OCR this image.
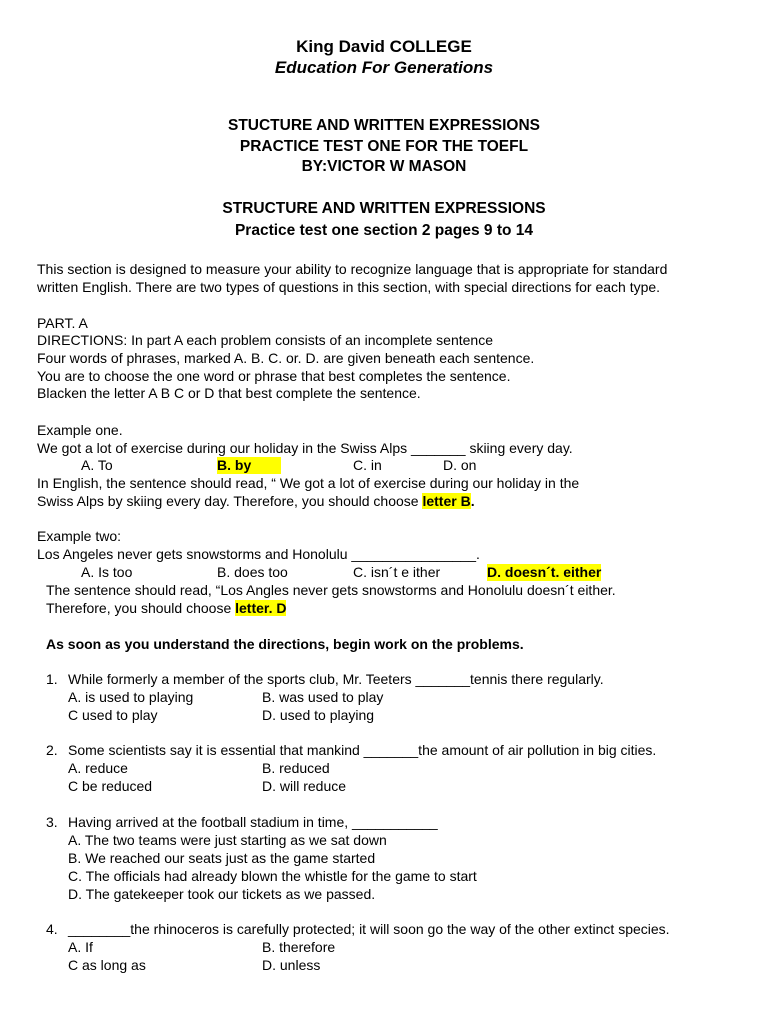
King David COLLEGE
Education For Generations
STUCTURE AND WRITTEN EXPRESSIONS
PRACTICE TEST ONE FOR THE TOEFL
BY:VICTOR W MASON
STRUCTURE AND WRITTEN EXPRESSIONS
Practice test one section 2 pages 9 to 14
This section is designed to measure your ability to recognize language that is appropriate for standard
written English. There are two types of questions in this section, with special directions for each type.
PART. A
DIRECTIONS: In part A each problem consists of an incomplete sentence
Four words of phrases, marked A. B. C. or. D. are given beneath each sentence.
You are to choose the one word or phrase that best completes the sentence.
Blacken the letter A B C or D that best complete the sentence.
Example one.
We got a lot of exercise during our holiday in the Swiss Alps _______ skiing every day.
A. To	B. by	C. in	D. on
In English, the sentence should read, “ We got a lot of exercise during our holiday in the
Swiss Alps by skiing every day. Therefore, you should choose letter B.
Example two:
Los Angeles never gets snowstorms and Honolulu ________________.
A. Is too	B. does too	C. isn´t e ither	D. doesn´t. either
The sentence should read, “Los Angles never gets snowstorms and Honolulu doesn´t either.
Therefore, you should choose letter. D
As soon as you understand the directions, begin work on the problems.
1. While formerly a member of the sports club, Mr. Teeters _______tennis there regularly.
A. is used to playing	B. was used to play
C used to play	D. used to playing
2. Some scientists say it is essential that mankind _______the amount of air pollution in big cities.
A. reduce	B. reduced
C be reduced	D. will reduce
3. Having arrived at the football stadium in time, ___________
A. The two teams were just starting as we sat down
B. We reached our seats just as the game started
C. The officials had already blown the whistle for the game to start
D. The gatekeeper took our tickets as we passed.
4. ________the rhinoceros is carefully protected; it will soon go the way of the other extinct species.
A. If	B. therefore
C as long as	D. unless
